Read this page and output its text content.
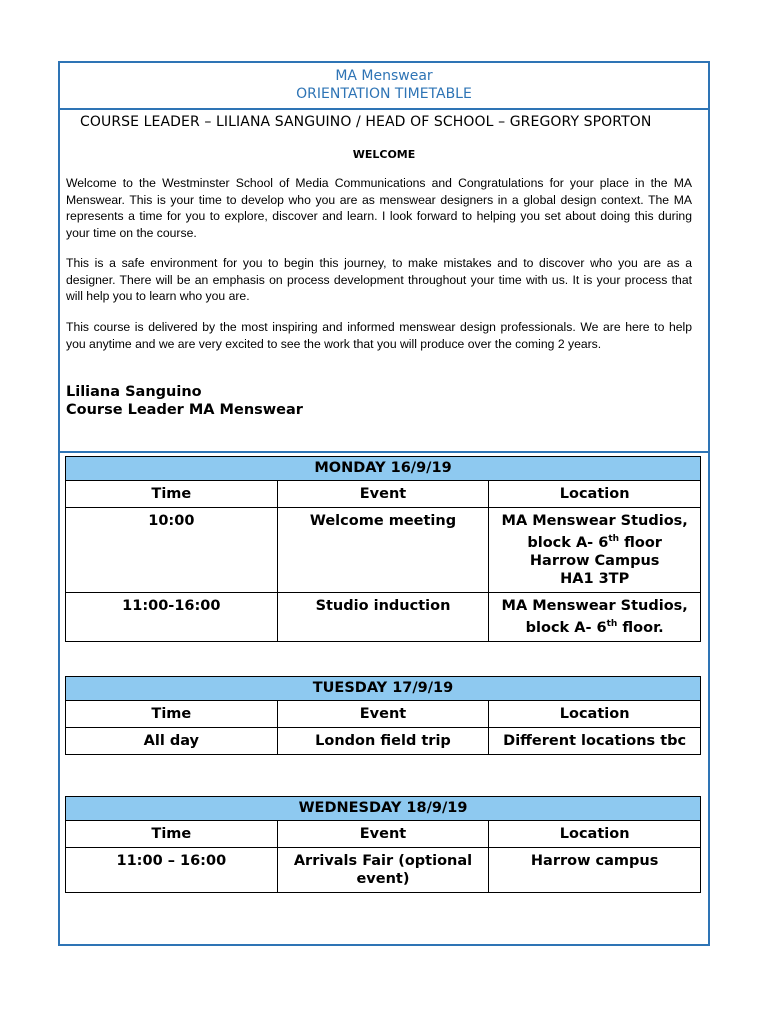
MA Menswear
ORIENTATION TIMETABLE
COURSE LEADER – LILIANA SANGUINO / HEAD OF SCHOOL – GREGORY SPORTON
WELCOME
Welcome to the Westminster School of Media Communications and Congratulations for your place in the MA Menswear. This is your time to develop who you are as menswear designers in a global design context. The MA represents a time for you to explore, discover and learn. I look forward to helping you set about doing this during your time on the course.
This is a safe environment for you to begin this journey, to make mistakes and to discover who you are as a designer. There will be an emphasis on process development throughout your time with us. It is your process that will help you to learn who you are.
This course is delivered by the most inspiring and informed menswear design professionals. We are here to help you anytime and we are very excited to see the work that you will produce over the coming 2 years.
Liliana Sanguino
Course Leader MA Menswear
MONDAY 16/9/19		
Time	Event	Location
10:00	Welcome meeting	MA Menswear Studios, block A- 6th floor
Harrow Campus
HA1 3TP
11:00-16:00	Studio induction	MA Menswear Studios, block A- 6th floor.
TUESDAY 17/9/19		
Time	Event	Location
All day	London field trip	Different locations tbc
WEDNESDAY 18/9/19		
Time	Event	Location
11:00 – 16:00	Arrivals Fair (optional event)	Harrow campus
